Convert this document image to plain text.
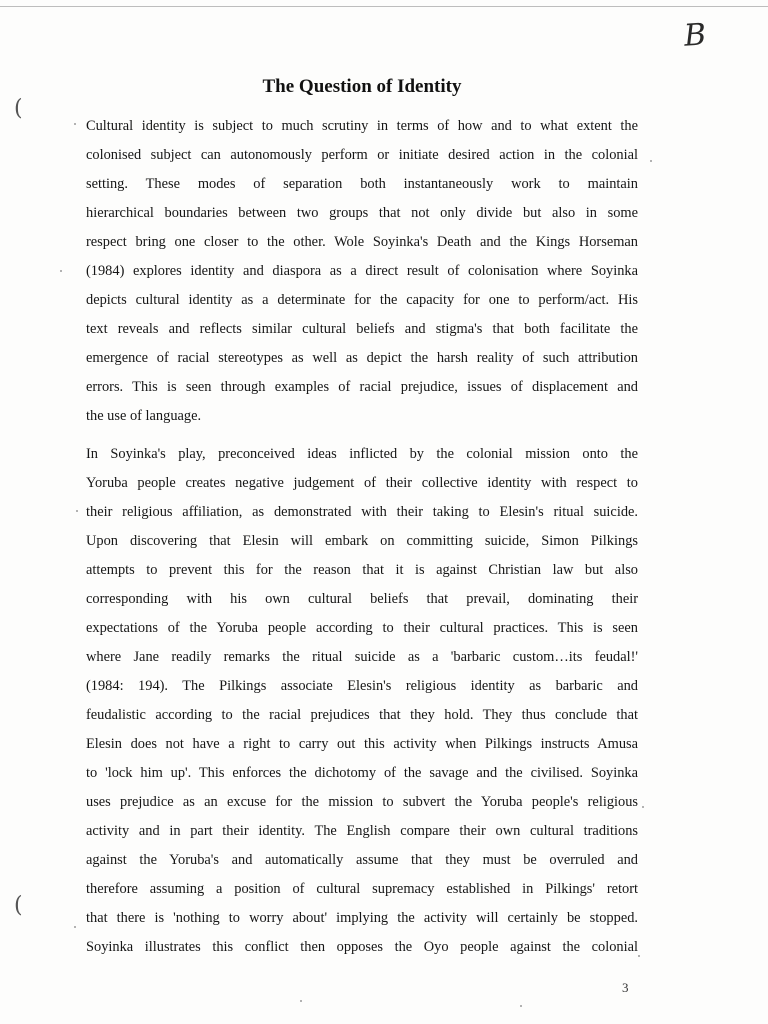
B
The Question of Identity
(
(
Cultural identity is subject to much scrutiny in terms of how and to what extent the
colonised subject can autonomously perform or initiate desired action in the colonial
setting. These modes of separation both instantaneously work to maintain
hierarchical boundaries between two groups that not only divide but also in some
respect bring one closer to the other. Wole Soyinka's Death and the Kings Horseman
(1984) explores identity and diaspora as a direct result of colonisation where Soyinka
depicts cultural identity as a determinate for the capacity for one to perform/act. His
text reveals and reflects similar cultural beliefs and stigma's that both facilitate the
emergence of racial stereotypes as well as depict the harsh reality of such attribution
errors. This is seen through examples of racial prejudice, issues of displacement and
the use of language.
In Soyinka's play, preconceived ideas inflicted by the colonial mission onto the
Yoruba people creates negative judgement of their collective identity with respect to
their religious affiliation, as demonstrated with their taking to Elesin's ritual suicide.
Upon discovering that Elesin will embark on committing suicide, Simon Pilkings
attempts to prevent this for the reason that it is against Christian law but also
corresponding with his own cultural beliefs that prevail, dominating their
expectations of the Yoruba people according to their cultural practices. This is seen
where Jane readily remarks the ritual suicide as a 'barbaric custom…its feudal!'
(1984: 194). The Pilkings associate Elesin's religious identity as barbaric and
feudalistic according to the racial prejudices that they hold. They thus conclude that
Elesin does not have a right to carry out this activity when Pilkings instructs Amusa
to 'lock him up'. This enforces the dichotomy of the savage and the civilised. Soyinka
uses prejudice as an excuse for the mission to subvert the Yoruba people's religious
activity and in part their identity. The English compare their own cultural traditions
against the Yoruba's and automatically assume that they must be overruled and
therefore assuming a position of cultural supremacy established in Pilkings' retort
that there is 'nothing to worry about' implying the activity will certainly be stopped.
Soyinka illustrates this conflict then opposes the Oyo people against the colonial
3
